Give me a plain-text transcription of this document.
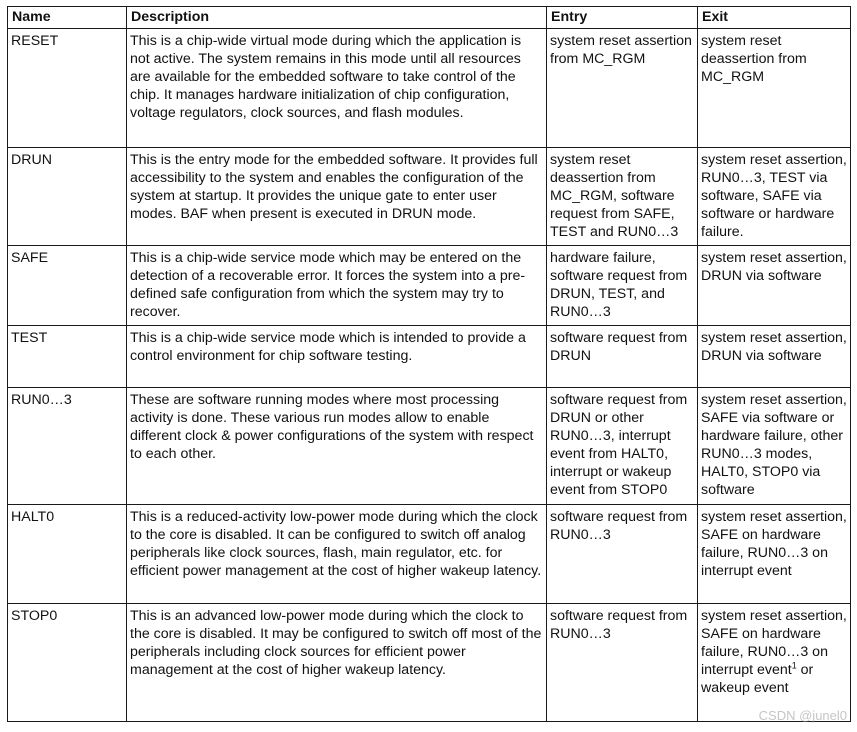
Name	Description	Entry	Exit
RESET	This is a chip-wide virtual mode during which the application is not active. The system remains in this mode until all resources are available for the embedded software to take control of the chip. It manages hardware initialization of chip configuration, voltage regulators, clock sources, and flash modules.	system reset assertion from MC_RGM	system reset deassertion from MC_RGM
DRUN	This is the entry mode for the embedded software. It provides full accessibility to the system and enables the configuration of the system at startup. It provides the unique gate to enter user modes. BAF when present is executed in DRUN mode.	system reset deassertion from MC_RGM, software request from SAFE, TEST and RUN0…3	system reset assertion, RUN0…3, TEST via software, SAFE via software or hardware failure.
SAFE	This is a chip-wide service mode which may be entered on the detection of a recoverable error. It forces the system into a pre-defined safe configuration from which the system may try to recover.	hardware failure, software request from DRUN, TEST, and RUN0…3	system reset assertion, DRUN via software
TEST	This is a chip-wide service mode which is intended to provide a control environment for chip software testing.	software request from DRUN	system reset assertion, DRUN via software
RUN0…3	These are software running modes where most processing activity is done. These various run modes allow to enable different clock & power configurations of the system with respect to each other.	software request from DRUN or other RUN0…3, interrupt event from HALT0, interrupt or wakeup event from STOP0	system reset assertion, SAFE via software or hardware failure, other RUN0…3 modes, HALT0, STOP0 via software
HALT0	This is a reduced-activity low-power mode during which the clock to the core is disabled. It can be configured to switch off analog peripherals like clock sources, flash, main regulator, etc. for efficient power management at the cost of higher wakeup latency.	software request from RUN0…3	system reset assertion, SAFE on hardware failure, RUN0…3 on interrupt event
STOP0	This is an advanced low-power mode during which the clock to the core is disabled. It may be configured to switch off most of the peripherals including clock sources for efficient power management at the cost of higher wakeup latency.	software request from RUN0…3	system reset assertion, SAFE on hardware failure, RUN0…3 on interrupt event$^1$ or wakeup event
CSDN @junel0
